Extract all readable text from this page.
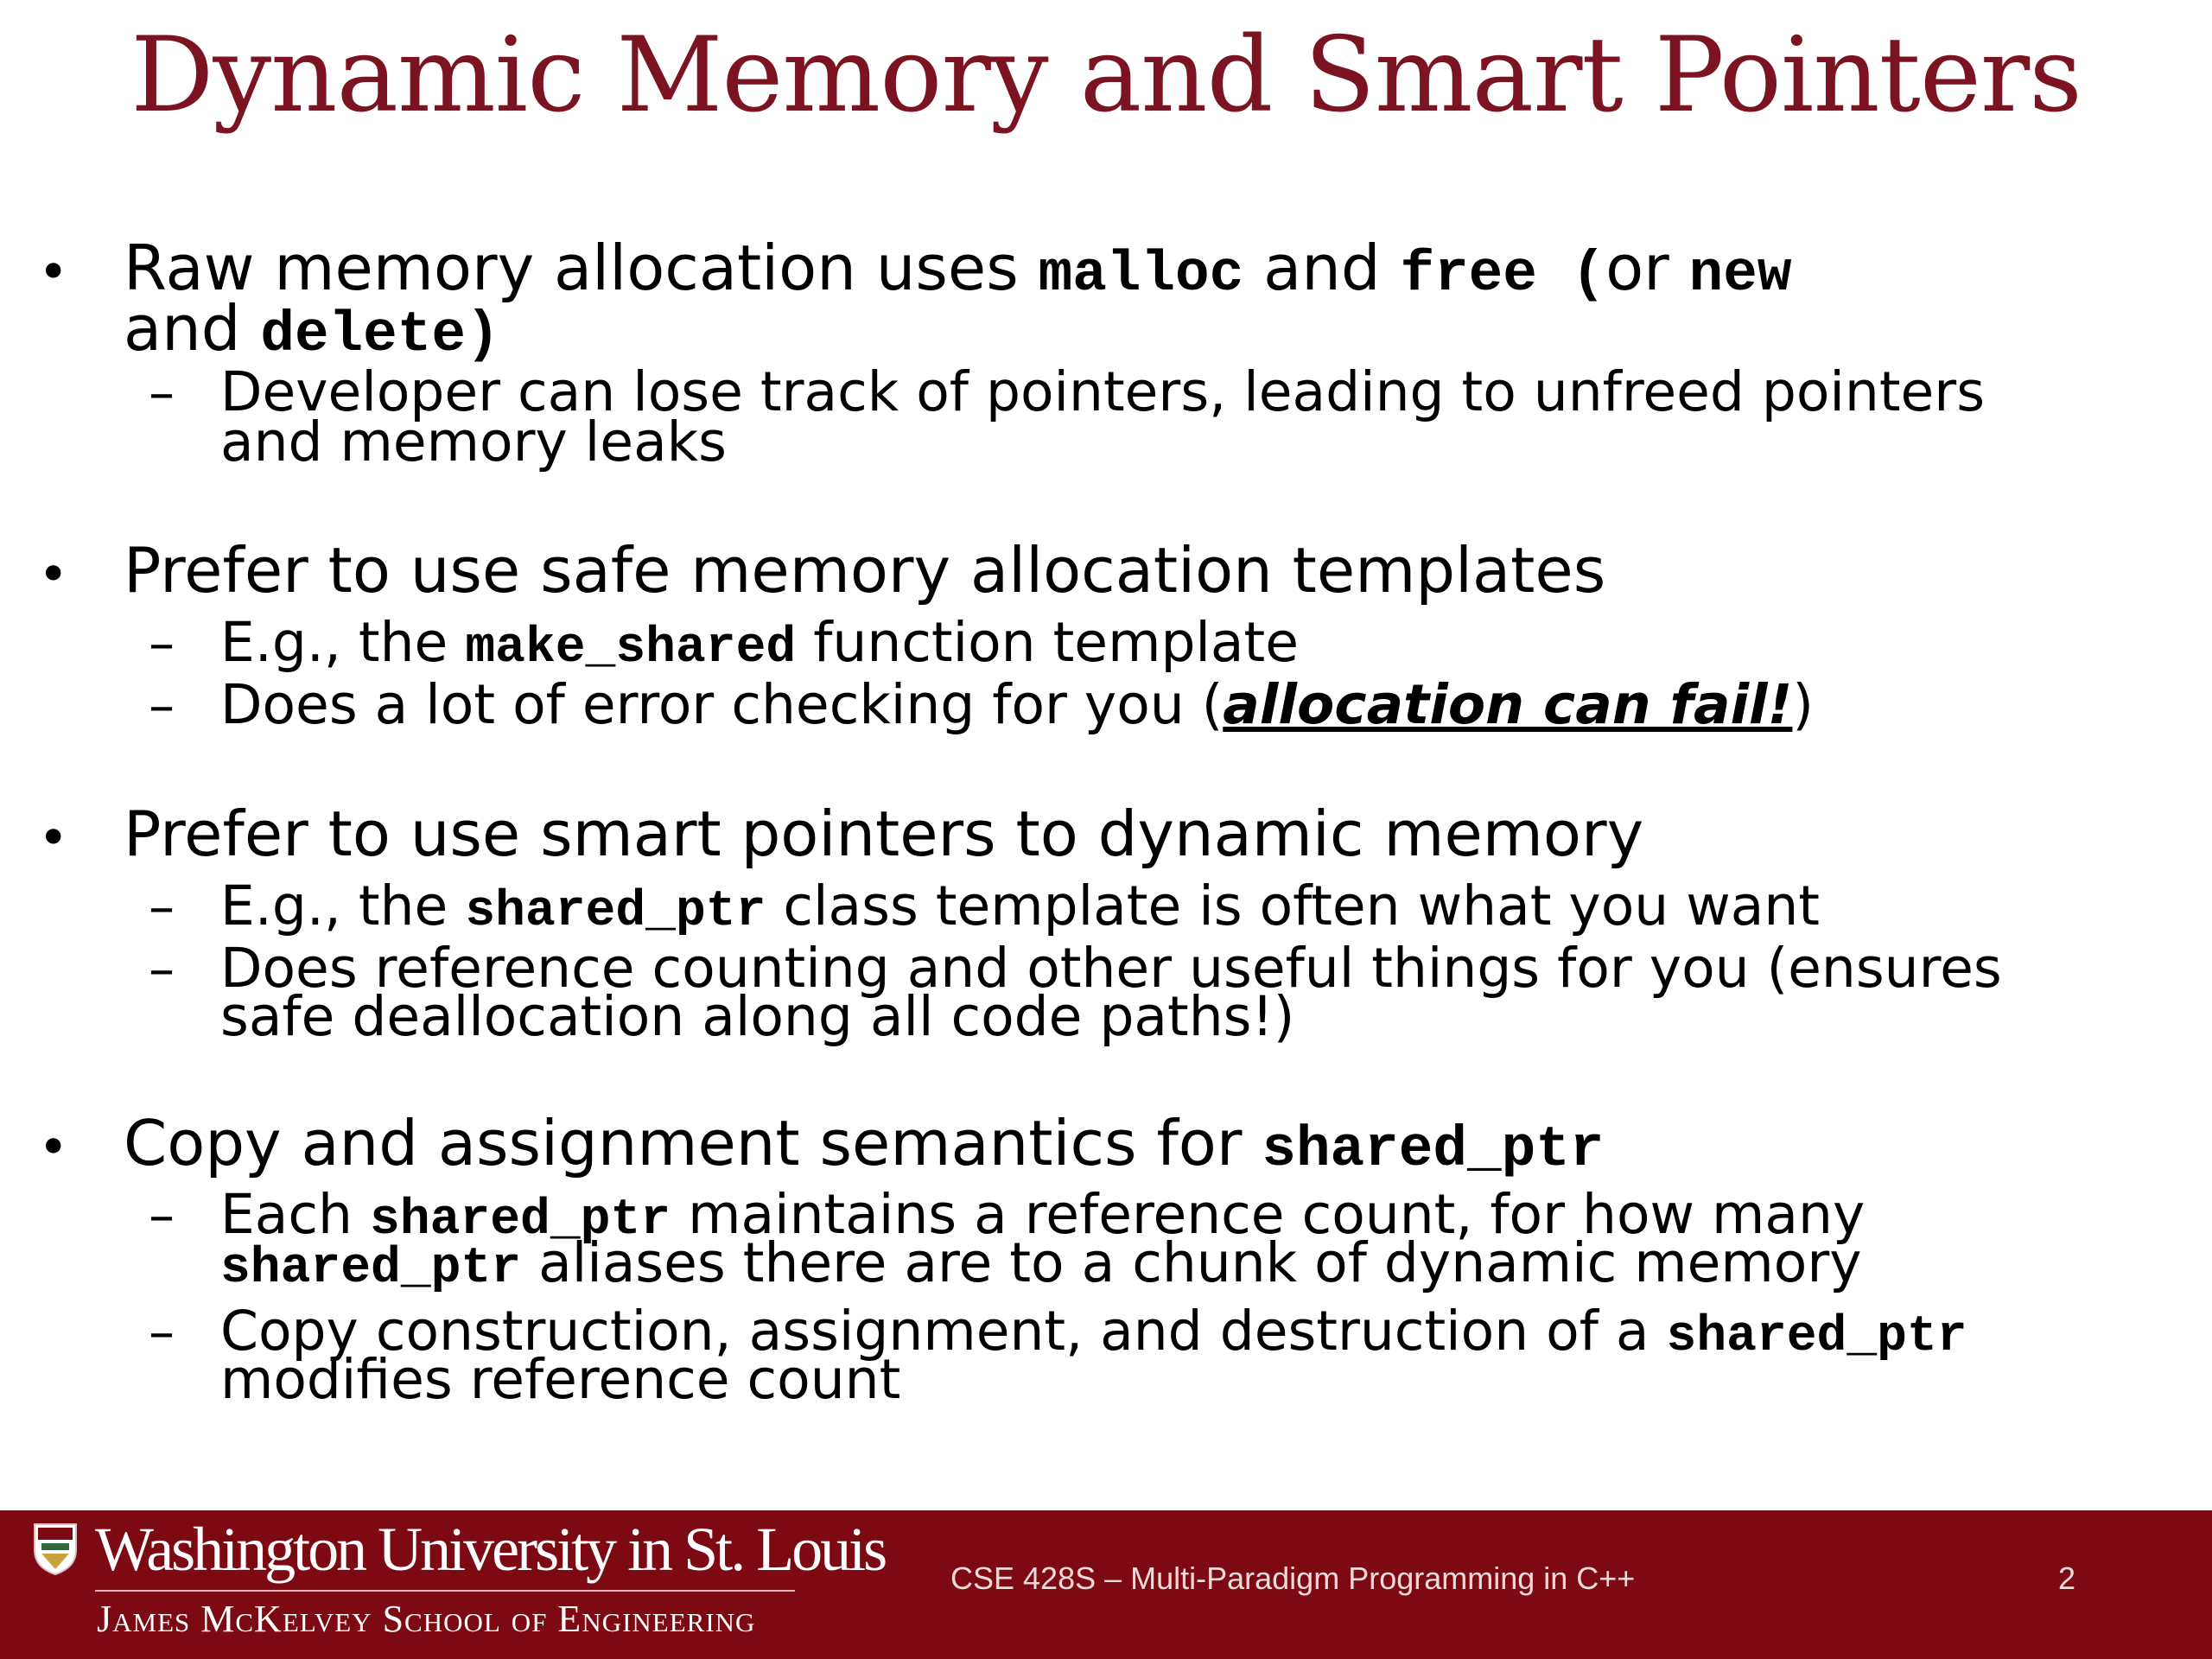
Dynamic Memory and Smart Pointers
• Raw memory allocation uses malloc and free (or new
and delete)
– Developer can lose track of pointers, leading to unfreed pointers
and memory leaks
• Prefer to use safe memory allocation templates
– E.g., the make_shared function template
– Does a lot of error checking for you (allocation can fail!)
• Prefer to use smart pointers to dynamic memory
– E.g., the shared_ptr class template is often what you want
– Does reference counting and other useful things for you (ensures
safe deallocation along all code paths!)
• Copy and assignment semantics for shared_ptr
– Each shared_ptr maintains a reference count, for how many
shared_ptr aliases there are to a chunk of dynamic memory
– Copy construction, assignment, and destruction of a shared_ptr
modifies reference count
Washington University in St. Louis
James McKelvey School of Engineering
CSE 428S – Multi-Paradigm Programming in C++	2
